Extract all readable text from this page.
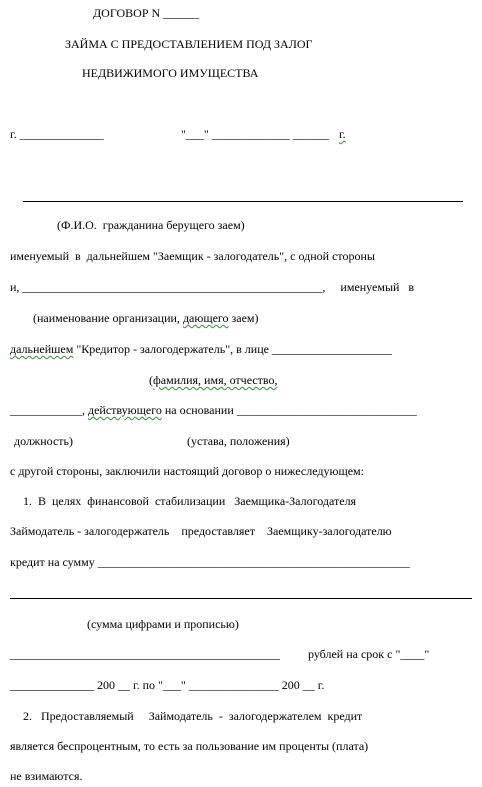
ДОГОВОР N ______
ЗАЙМА С ПРЕДОСТАВЛЕНИЕМ ПОД ЗАЛОГ
НЕДВИЖИМОГО ИМУЩЕСТВА
г. ______________	"___" _____________ ______ г.
(Ф.И.О.  гражданина берущего заем)
именуемый  в  дальнейшем "Заемщик - залогодатель", с одной стороны
и, __________________________________________________,     именуемый   в
(наименование организации, дающего заем)
дальнейшем "Кредитор - залогодержатель", в лице ____________________
(фамилия, имя, отчество,
____________, действующего на основании ______________________________
должность)	(устава, положения)
с другой стороны, заключили настоящий договор о нижеследующем:
1.  В  целях  финансовой  стабилизации   Заемщика-Залогодателя
Займодатель - залогодержатель    предоставляет    Заемщику-залогодателю
кредит на сумму ____________________________________________________
(сумма цифрами и прописью)
_____________________________________________ рублей на срок с "____"
______________ 200 __ г. по "___" _______________ 200 __ г.
2.   Предоставляемый     Займодатель  -  залогодержателем  кредит
является беспроцентным, то есть за пользование им проценты (плата)
не взимаются.
